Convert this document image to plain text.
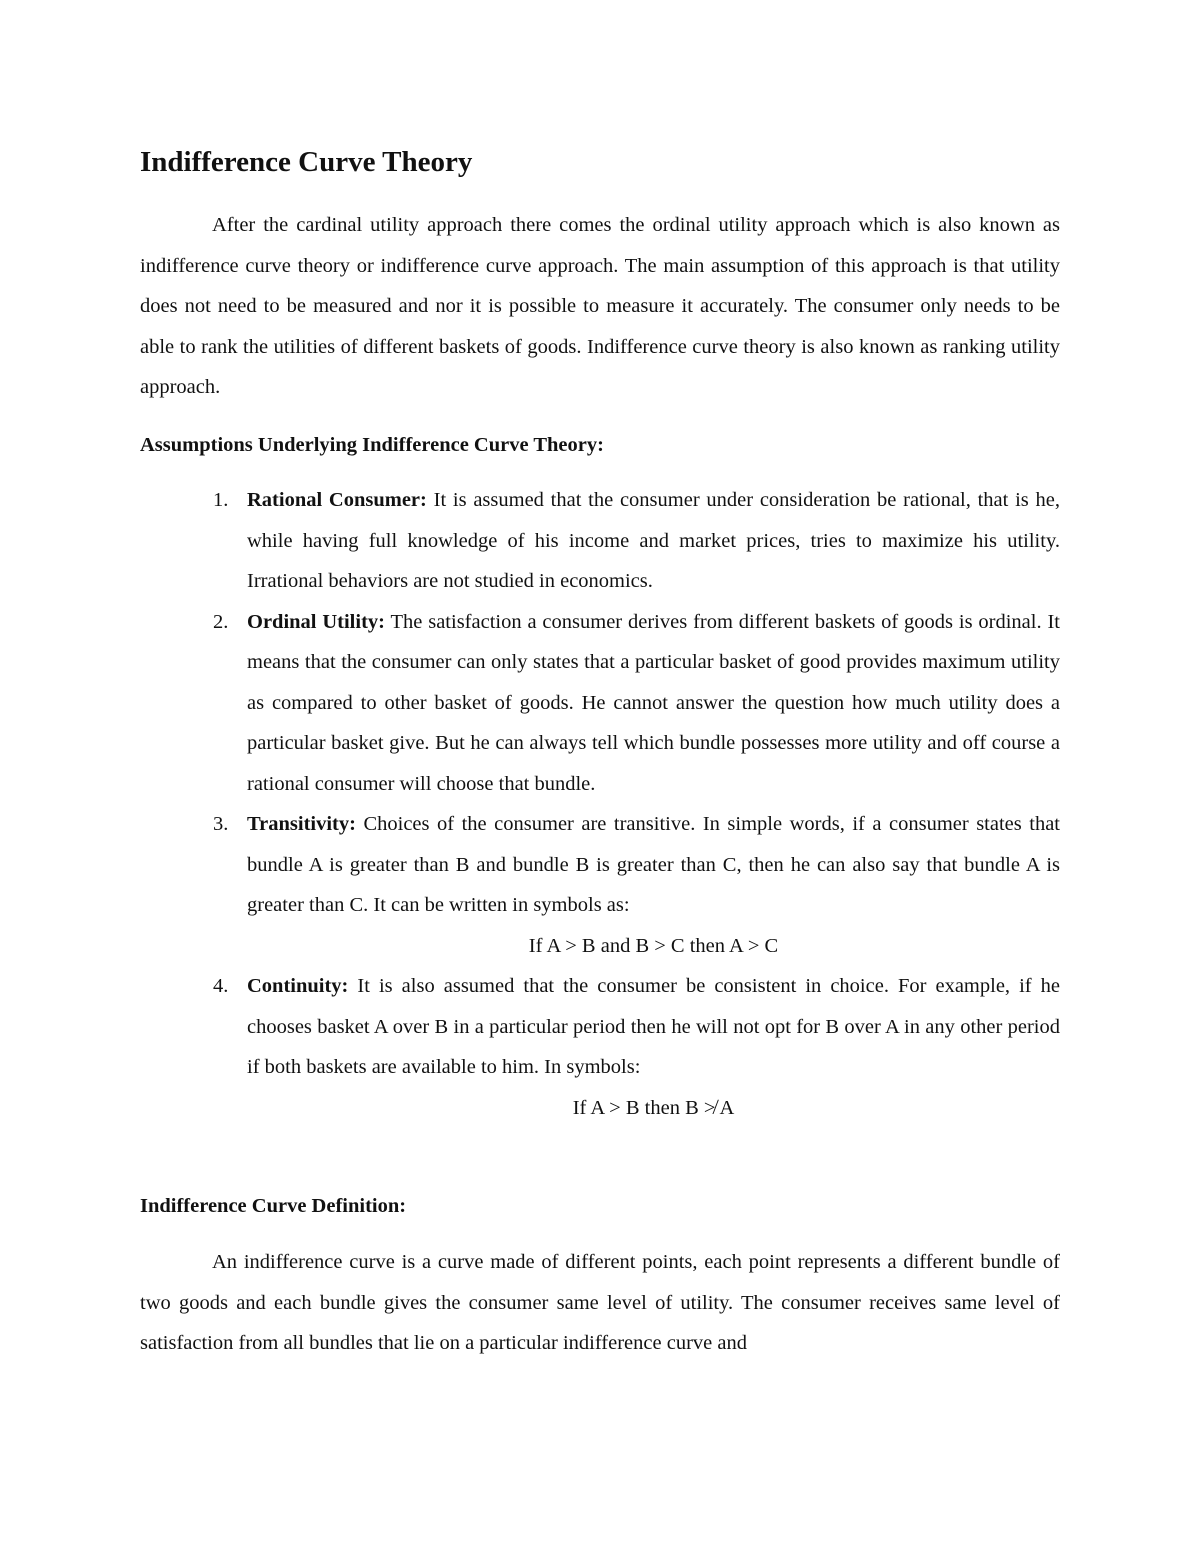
Indifference Curve Theory

After the cardinal utility approach there comes the ordinal utility approach which is also known as indifference curve theory or indifference curve approach. The main assumption of this approach is that utility does not need to be measured and nor it is possible to measure it accurately. The consumer only needs to be able to rank the utilities of different baskets of goods. Indifference curve theory is also known as ranking utility approach.

Assumptions Underlying Indifference Curve Theory:
1. Rational Consumer: It is assumed that the consumer under consideration be rational, that is he, while having full knowledge of his income and market prices, tries to maximize his utility. Irrational behaviors are not studied in economics.

2. Ordinal Utility: The satisfaction a consumer derives from different baskets of goods is ordinal. It means that the consumer can only states that a particular basket of good provides maximum utility as compared to other basket of goods. He cannot answer the question how much utility does a particular basket give. But he can always tell which bundle possesses more utility and off course a rational consumer will choose that bundle.

3. Transitivity: Choices of the consumer are transitive. In simple words, if a consumer states that bundle A is greater than B and bundle B is greater than C, then he can also say that bundle A is greater than C. It can be written in symbols as:

If A > B and B > C then A > C

4. Continuity: It is also assumed that the consumer be consistent in choice. For example, if he chooses basket A over B in a particular period then he will not opt for B over A in any other period if both baskets are available to him. In symbols:

If A > B then B ≯ A

Indifference Curve Definition:

An indifference curve is a curve made of different points, each point represents a different bundle of two goods and each bundle gives the consumer same level of utility. The consumer receives same level of satisfaction from all bundles that lie on a particular indifference curve and
